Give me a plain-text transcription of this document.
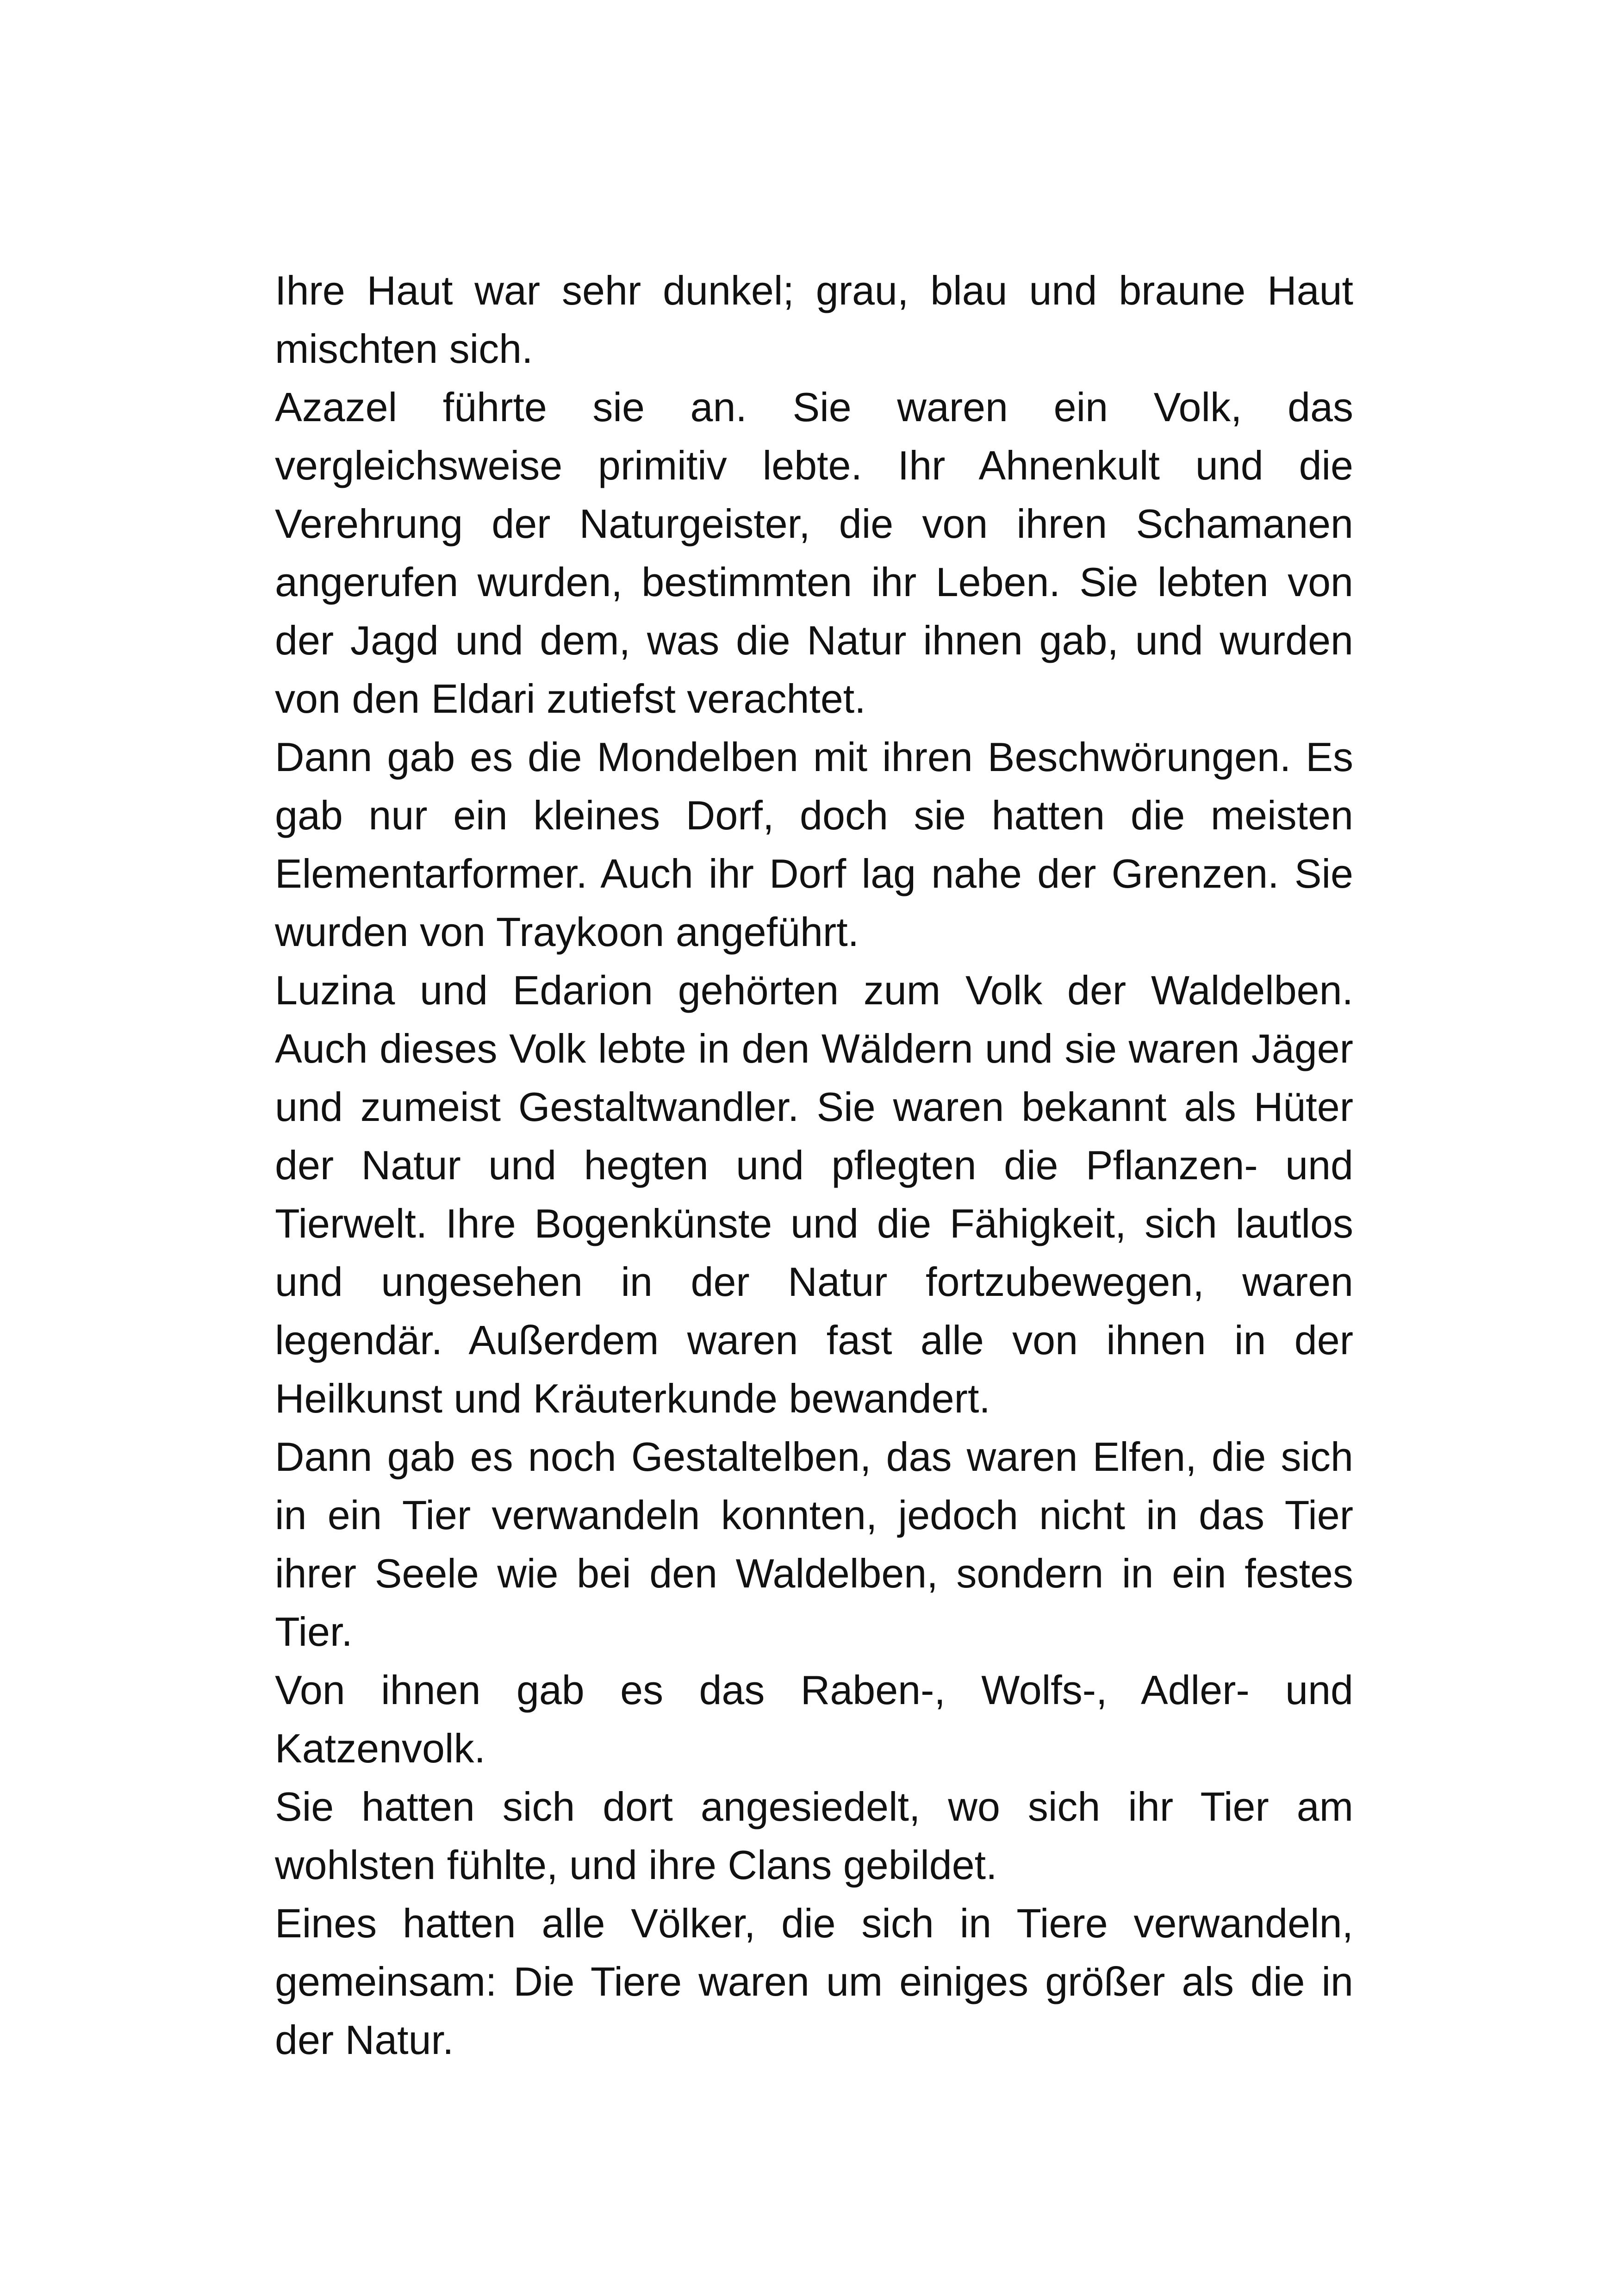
Ihre Haut war sehr dunkel; grau, blau und braune Haut mischten sich.

Azazel führte sie an. Sie waren ein Volk, das vergleichsweise primitiv lebte. Ihr Ahnenkult und die Verehrung der Naturgeister, die von ihren Schamanen angerufen wurden, bestimmten ihr Leben. Sie lebten von der Jagd und dem, was die Natur ihnen gab, und wurden von den Eldari zutiefst verachtet.

Dann gab es die Mondelben mit ihren Beschwörungen. Es gab nur ein kleines Dorf, doch sie hatten die meisten Elementarformer. Auch ihr Dorf lag nahe der Grenzen. Sie wurden von Traykoon angeführt.

Luzina und Edarion gehörten zum Volk der Waldelben. Auch dieses Volk lebte in den Wäldern und sie waren Jäger und zumeist Gestaltwandler. Sie waren bekannt als Hüter der Natur und hegten und pflegten die Pflanzen- und Tierwelt. Ihre Bogenkünste und die Fähigkeit, sich lautlos und ungesehen in der Natur fortzubewegen, waren legendär. Außerdem waren fast alle von ihnen in der Heilkunst und Kräuterkunde bewandert.

Dann gab es noch Gestaltelben, das waren Elfen, die sich in ein Tier verwandeln konnten, jedoch nicht in das Tier ihrer Seele wie bei den Waldelben, sondern in ein festes Tier.

Von ihnen gab es das Raben-, Wolfs-, Adler- und Katzenvolk.

Sie hatten sich dort angesiedelt, wo sich ihr Tier am wohlsten fühlte, und ihre Clans gebildet.

Eines hatten alle Völker, die sich in Tiere verwandeln, gemeinsam: Die Tiere waren um einiges größer als die in der Natur.
